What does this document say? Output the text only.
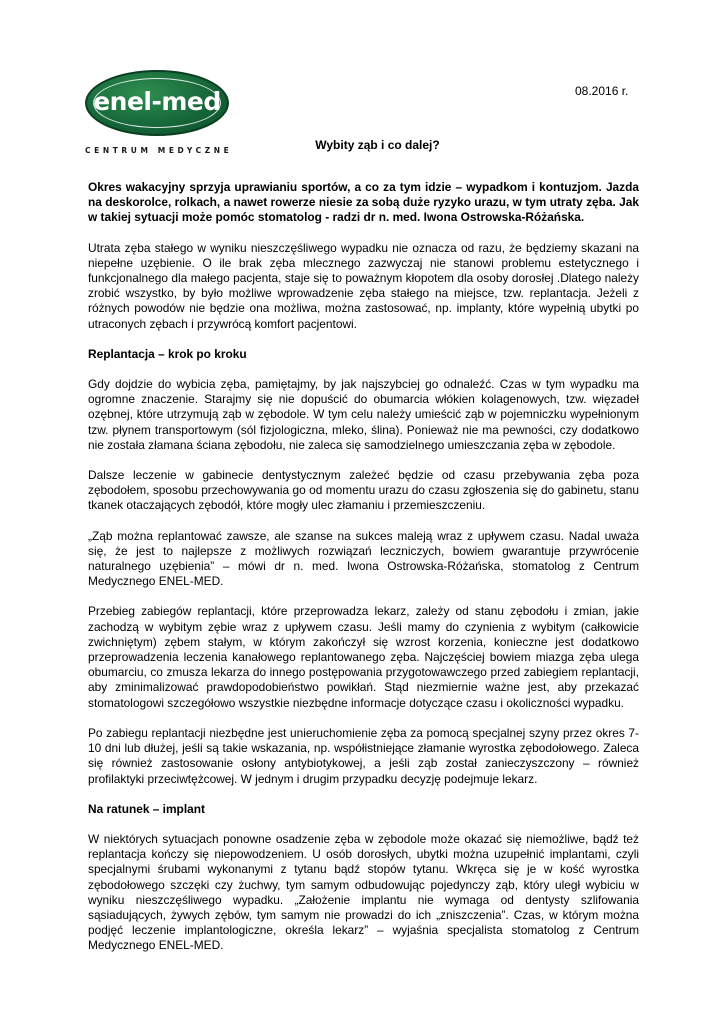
enel-med
CENTRUM MEDYCZNE
08.2016 r.
Wybity ząb i co dalej?

Okres wakacyjny sprzyja uprawianiu sportów, a co za tym idzie – wypadkom i kontuzjom. Jazda na deskorolce, rolkach, a nawet rowerze niesie za sobą duże ryzyko urazu, w tym utraty zęba. Jak w takiej sytuacji może pomóc stomatolog - radzi dr n. med. Iwona Ostrowska-Różańska.

Utrata zęba stałego w wyniku nieszczęśliwego wypadku nie oznacza od razu, że będziemy skazani na niepełne uzębienie. O ile brak zęba mlecznego zazwyczaj nie stanowi problemu estetycznego i funkcjonalnego dla małego pacjenta, staje się to poważnym kłopotem dla osoby dorosłej .Dlatego należy zrobić wszystko, by było możliwe wprowadzenie zęba stałego na miejsce, tzw. replantacja. Jeżeli z różnych powodów nie będzie ona możliwa, można zastosować, np. implanty, które wypełnią ubytki po utraconych zębach i przywrócą komfort pacjentowi.

Replantacja – krok po kroku

Gdy dojdzie do wybicia zęba, pamiętajmy, by jak najszybciej go odnaleźć. Czas w tym wypadku ma ogromne znaczenie. Starajmy się nie dopuścić do obumarcia włókien kolagenowych, tzw. więzadeł ozębnej, które utrzymują ząb w zębodole. W tym celu należy umieścić ząb w pojemniczku wypełnionym tzw. płynem transportowym (sól fizjologiczna, mleko, ślina). Ponieważ nie ma pewności, czy dodatkowo nie została złamana ściana zębodołu, nie zaleca się samodzielnego umieszczania zęba w zębodole.

Dalsze leczenie w gabinecie dentystycznym zależeć będzie od czasu przebywania zęba poza zębodołem, sposobu przechowywania go od momentu urazu do czasu zgłoszenia się do gabinetu, stanu tkanek otaczających zębodół, które mogły ulec złamaniu i przemieszczeniu.

„Ząb można replantować zawsze, ale szanse na sukces maleją wraz z upływem czasu. Nadal uważa się, że jest to najlepsze z możliwych rozwiązań leczniczych, bowiem gwarantuje przywrócenie naturalnego uzębienia” – mówi dr n. med. Iwona Ostrowska-Różańska, stomatolog z Centrum Medycznego ENEL-MED.

Przebieg zabiegów replantacji, które przeprowadza lekarz, zależy od stanu zębodołu i zmian, jakie zachodzą w wybitym zębie wraz z upływem czasu. Jeśli mamy do czynienia z wybitym (całkowicie zwichniętym) zębem stałym, w którym zakończył się wzrost korzenia, konieczne jest dodatkowo przeprowadzenia leczenia kanałowego replantowanego zęba. Najczęściej bowiem miazga zęba ulega obumarciu, co zmusza lekarza do innego postępowania przygotowawczego przed zabiegiem replantacji, aby zminimalizować prawdopodobieństwo powikłań. Stąd niezmiernie ważne jest, aby przekazać stomatologowi szczegółowo wszystkie niezbędne informacje dotyczące czasu i okoliczności wypadku.

Po zabiegu replantacji niezbędne jest unieruchomienie zęba za pomocą specjalnej szyny przez okres 7- 10 dni lub dłużej, jeśli są takie wskazania, np. współistniejące złamanie wyrostka zębodołowego. Zaleca się również zastosowanie osłony antybiotykowej, a jeśli ząb został zanieczyszczony – również profilaktyki przeciwtężcowej. W jednym i drugim przypadku decyzję podejmuje lekarz.

Na ratunek – implant

W niektórych sytuacjach ponowne osadzenie zęba w zębodole może okazać się niemożliwe, bądź też replantacja kończy się niepowodzeniem. U osób dorosłych, ubytki można uzupełnić implantami, czyli specjalnymi śrubami wykonanymi z tytanu bądź stopów tytanu. Wkręca się je w kość wyrostka zębodołowego szczęki czy żuchwy, tym samym odbudowując pojedynczy ząb, który uległ wybiciu w wyniku nieszczęśliwego wypadku. „Założenie implantu nie wymaga od dentysty szlifowania sąsiadujących, żywych zębów, tym samym nie prowadzi do ich „zniszczenia”. Czas, w którym można podjęć leczenie implantologiczne, określa lekarz” – wyjaśnia specjalista stomatolog z Centrum Medycznego ENEL-MED.
